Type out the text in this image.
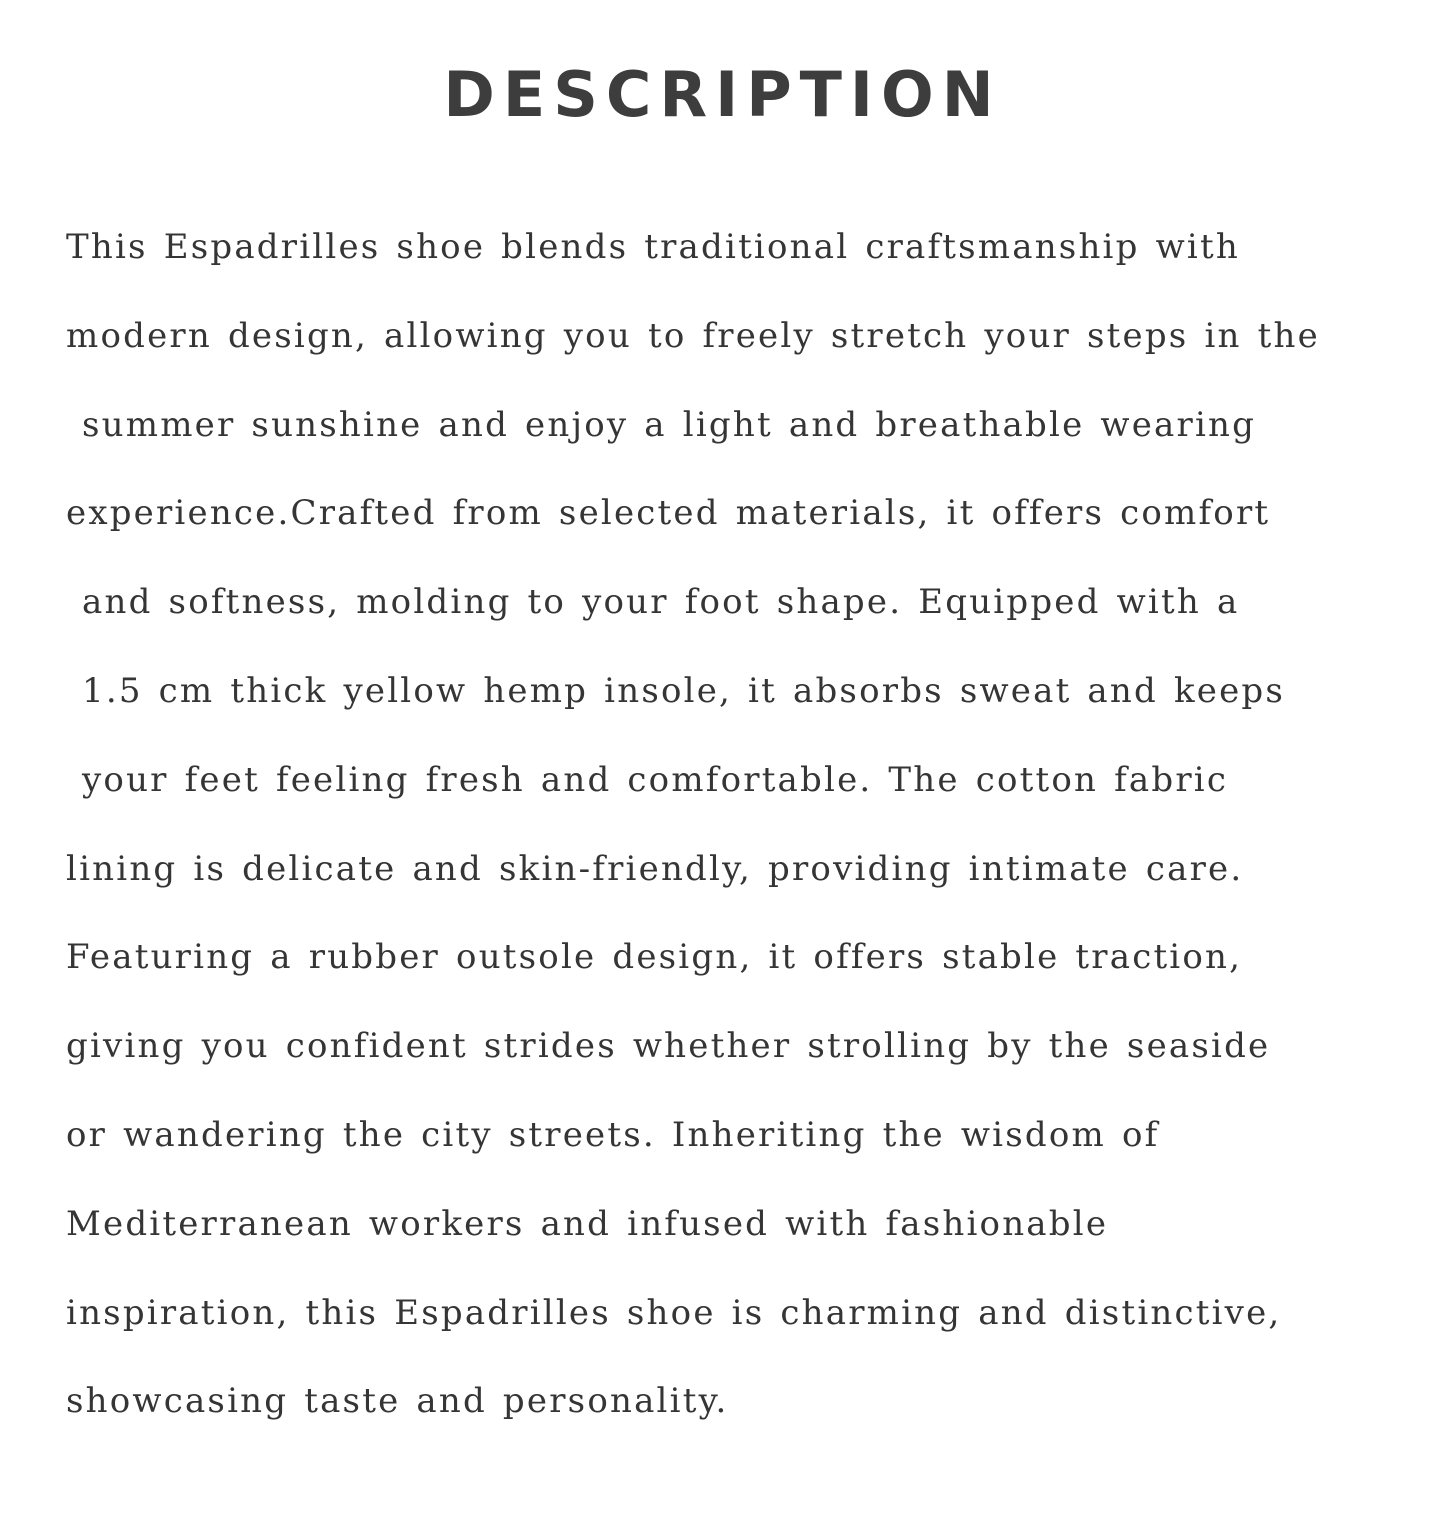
DESCRIPTION
This Espadrilles shoe blends traditional craftsmanship with
modern design, allowing you to freely stretch your steps in the
summer sunshine and enjoy a light and breathable wearing
experience.Crafted from selected materials, it offers comfort
and softness, molding to your foot shape. Equipped with a
1.5 cm thick yellow hemp insole, it absorbs sweat and keeps
your feet feeling fresh and comfortable. The cotton fabric
lining is delicate and skin-friendly, providing intimate care.
Featuring a rubber outsole design, it offers stable traction,
giving you confident strides whether strolling by the seaside
or wandering the city streets. Inheriting the wisdom of
Mediterranean workers and infused with fashionable
inspiration, this Espadrilles shoe is charming and distinctive,
showcasing taste and personality.
